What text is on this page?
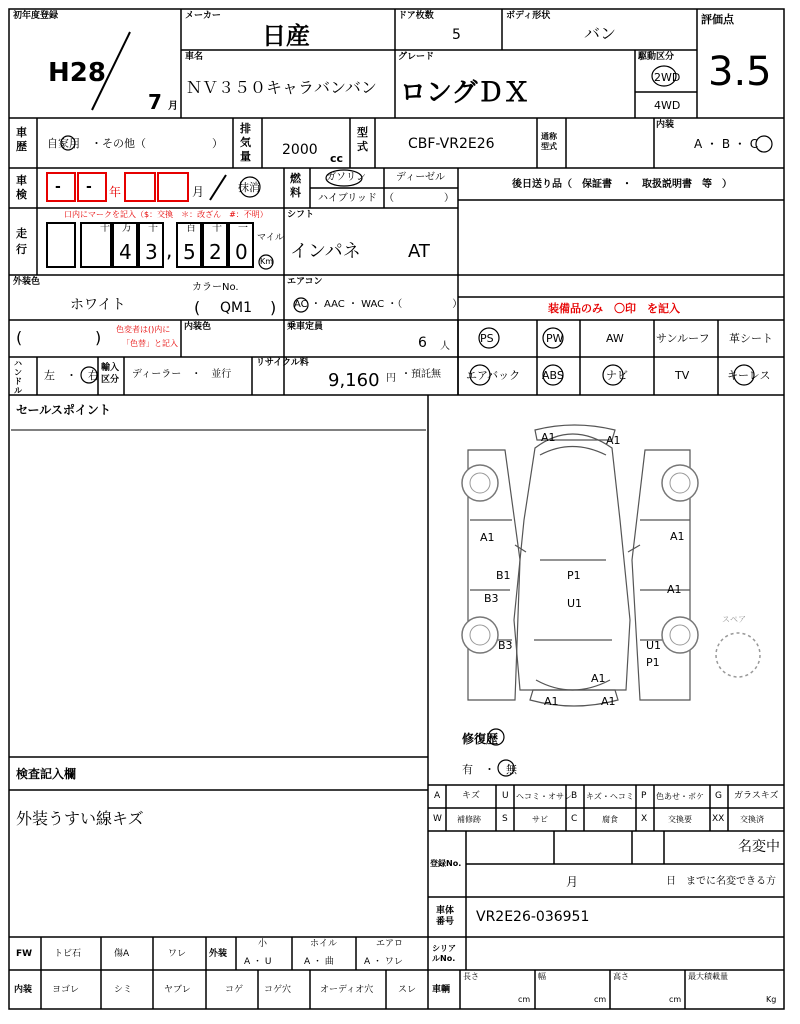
初年度登録
H28
7 月
メーカー
日産
ドア枚数
5
ボディ形状
バン
評価点
3.5
車名
ＮＶ３５０キャラバンバン
グレード
ロングＤＸ
駆動区分
2WD
4WD
車歴 自家用　・その他（　　　　　　）
排気量 2000
cc
型式	CBF-VR2E26	通称型式
内装
A ・ B ・ C
車検 - - 年	月	抹消
燃料
ガソリン	ディーゼル
ハイブリッド （　　　　　）
後日送り品（　保証書　・　取扱説明書　等　）
走行
口内にマークを記入（$：交換　＊：改ざん　#：不明）
4 3 , 5 2 0
十 万 千	百 十 一
マイル
Km
シフト
インパネ	AT
外装色
ホワイト
カラーNo.
( QM1 )
エアコン
AC ・ AAC ・ WAC ・（　　　　　）	装備品のみ　〇印　を記入
(	) 色変者は()内に
「色替」と記入
内装色	乗車定員
6 人
PS	PW	AW	サンルーフ 革シート
エアバック ABS	ナビ	TV	キーレス
ハンドル
左　・　右
輸入区分	ディーラー　・　並行
リサイクル料
9,160 円 ・預託無
セールスポイント
検査記入欄
外装うすい線キズ
A1	A1
A1
B1
B3
B3
P1
U1
A1
A1
U1
P1
A1
A1	A1
スペア
修復歴
有　・　無
A キズ U ヘコミ・オサレ B キズ・ヘコミ P 色あせ・ボケ G ガラスキズ
W 補修跡 S	サビ	C	腐食	X	交換要 XX 交換済
登録No.
名変中
月	日　までに名変できる方
車体番号	VR2E26-036951
シリアルNo.
FW トビ石	傷A	ワレ	外装
小
A ・ U
ホイル
A ・ 曲
エアロ
A ・ ワレ
内装 ヨゴレ	シミ	ヤブレ	コゲ コゲ穴	オーディオ穴	スレ 車輌
長さ
cm
幅
cm
高さ
cm
最大積載量
Kg
